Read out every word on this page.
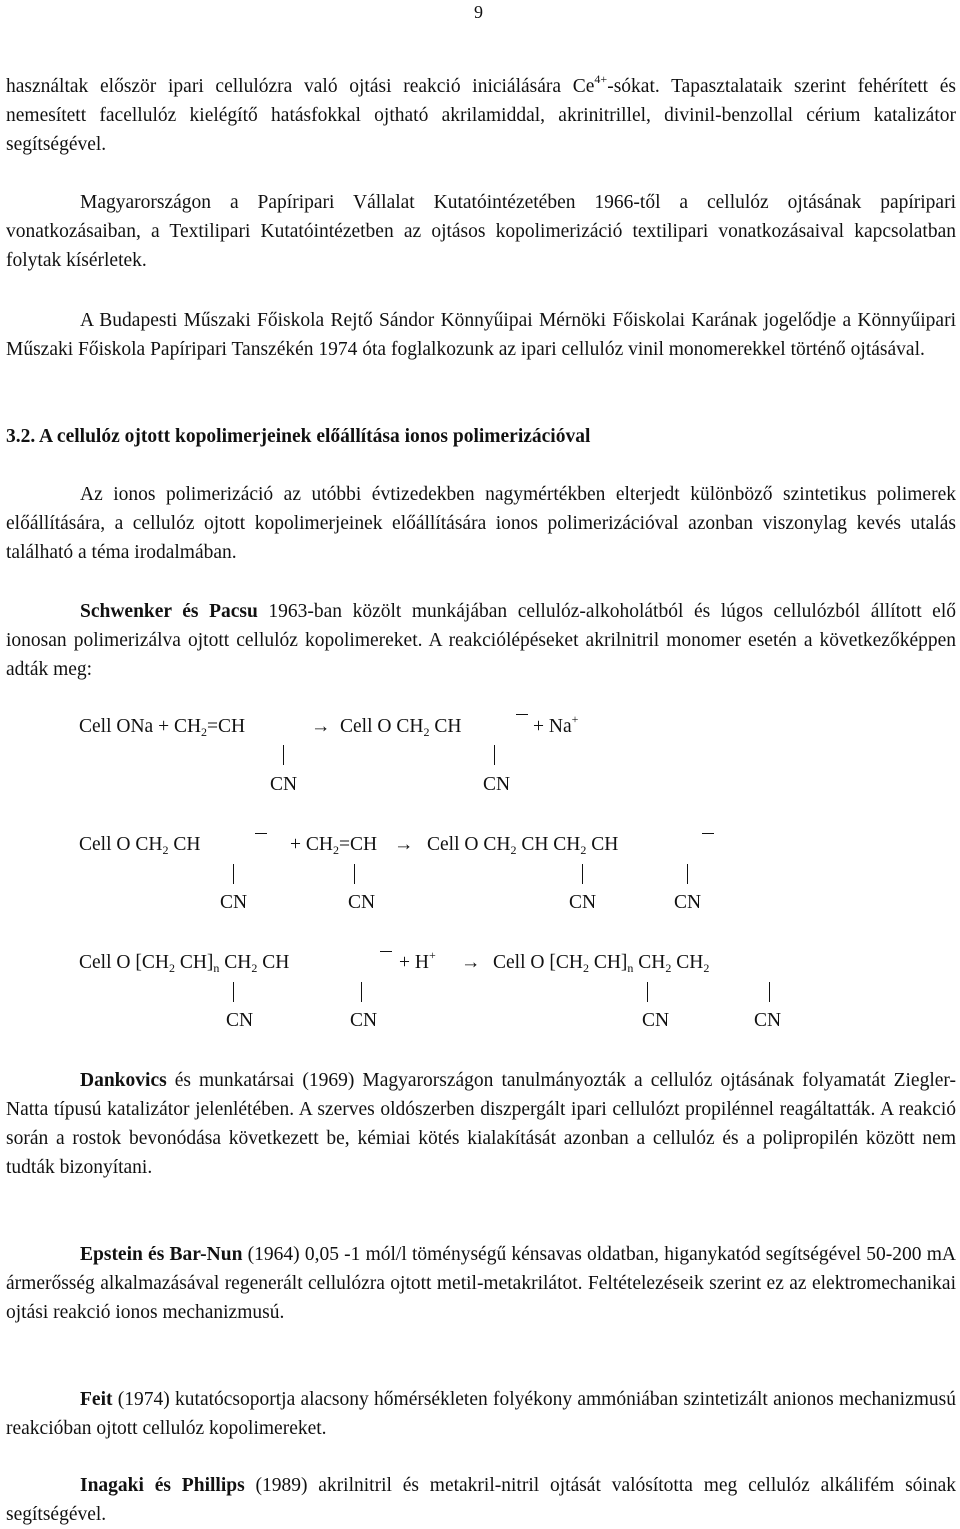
9

használtak először ipari cellulózra való ojtási reakció iniciálására $Ce^{4+}$-sókat. Tapasztalataik szerint fehérített és nemesített facellulóz kielégítő hatásfokkal ojtható akrilamiddal, akrinitrillel, divinil-benzollal cérium katalizátor segítségével.

Magyarországon a Papíripari Vállalat Kutatóintézetében 1966-től a cellulóz ojtásának papíripari vonatkozásaiban, a Textilipari Kutatóintézetben az ojtásos kopolimerizáció textilipari vonatkozásaival kapcsolatban folytak kísérletek.

A Budapesti Műszaki Főiskola Rejtő Sándor Könnyűipai Mérnöki Főiskolai Karának jogelődje a Könnyűipari Műszaki Főiskola Papíripari Tanszékén 1974 óta foglalkozunk az ipari cellulóz vinil monomerekkel történő ojtásával.

3.2. A cellulóz ojtott kopolimerjeinek előállítása ionos polimerizációval

Az ionos polimerizáció az utóbbi évtizedekben nagymértékben elterjedt különböző szintetikus polimerek előállítására, a cellulóz ojtott kopolimerjeinek előállítására ionos polimerizációval azonban viszonylag kevés utalás található a téma irodalmában.

Schwenker és Pacsu 1963-ban közölt munkájában cellulóz-alkoholátból és lúgos cellulózból állított elő ionosan polimerizálva ojtott cellulóz kopolimereket. A reakciólépéseket akrilnitril monomer esetén a következőképpen adták meg:

Cell ONa + $CH_2=CH$	→ Cell O $CH_2$ CH	+ Na+
CN	CN
Cell O $CH_2$ CH	+ $CH_2=CH$ → Cell O $CH_2$ CH $CH_2$ CH
CN	CN	CN	CN
Cell O [$CH_2$ $CH]_n$ $CH_2$ CH	+ H+ → Cell O [$CH_2$ $CH]_n$ $CH_2$ $CH_2$
CN	CN	CN	CN

Dankovics és munkatársai (1969) Magyarországon tanulmányozták a cellulóz ojtásának folyamatát Ziegler-Natta típusú katalizátor jelenlétében. A szerves oldószerben diszpergált ipari cellulózt propilénnel reagáltatták. A reakció során a rostok bevonódása következett be, kémiai kötés kialakítását azonban a cellulóz és a polipropilén között nem tudták bizonyítani.

Epstein és Bar-Nun (1964) 0,05 -1 mól/l töménységű kénsavas oldatban, higanykatód segítségével 50-200 mA ármerősség alkalmazásával regenerált cellulózra ojtott metil-metakrilátot. Feltételezéseik szerint ez az elektromechanikai ojtási reakció ionos mechanizmusú.

Feit (1974) kutatócsoportja alacsony hőmérsékleten folyékony ammóniában szintetizált anionos mechanizmusú reakcióban ojtott cellulóz kopolimereket.

Inagaki és Phillips (1989) akrilnitril és metakril-nitril ojtását valósította meg cellulóz alkálifém sóinak segítségével.
